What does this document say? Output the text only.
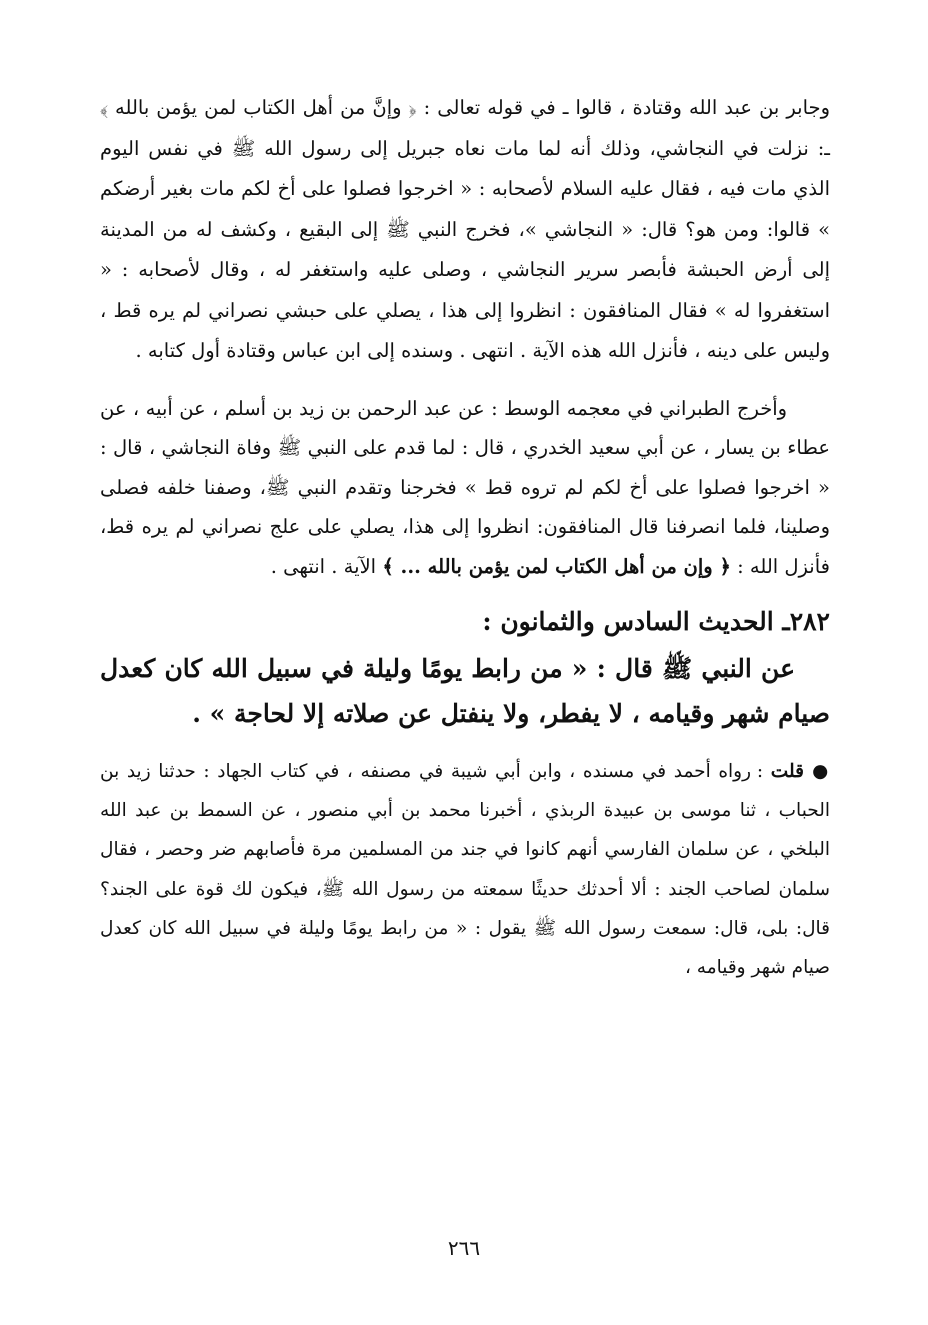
وجابر بن عبد الله وقتادة ، قالوا ـ في قوله تعالى : ﴿ وإنَّ من أهل الكتاب لمن يؤمن بالله ﴾ ـ: نزلت في النجاشي، وذلك أنه لما مات نعاه جبريل إلى رسول الله ﷺ في نفس اليوم الذي مات فيه ، فقال عليه السلام لأصحابه : « اخرجوا فصلوا على أخ لكم مات بغير أرضكم » قالوا: ومن هو؟ قال: « النجاشي »، فخرج النبي ﷺ إلى البقيع ، وكشف له من المدينة إلى أرض الحبشة فأبصر سرير النجاشي ، وصلى عليه واستغفر له ، وقال لأصحابه : « استغفروا له » فقال المنافقون : انظروا إلى هذا ، يصلي على حبشي نصراني لم يره قط ، وليس على دينه ، فأنزل الله هذه الآية . انتهى . وسنده إلى ابن عباس وقتادة أول كتابه .

وأخرج الطبراني في معجمه الوسط : عن عبد الرحمن بن زيد بن أسلم ، عن أبيه ، عن عطاء بن يسار ، عن أبي سعيد الخدري ، قال : لما قدم على النبي ﷺ وفاة النجاشي ، قال : « اخرجوا فصلوا على أخ لكم لم تروه قط » فخرجنا وتقدم النبي ﷺ، وصفنا خلفه فصلى وصلينا، فلما انصرفنا قال المنافقون: انظروا إلى هذا، يصلي على علج نصراني لم يره قط، فأنزل الله : ﴿ وإن من أهل الكتاب لمن يؤمن بالله ... ﴾ الآية . انتهى .

٢٨٢ـ الحديث السادس والثمانون :

عن النبي ﷺ قال : « من رابط يومًا وليلة في سبيل الله كان كعدل صيام شهر وقيامه ، لا يفطر، ولا ينفتل عن صلاته إلا لحاجة » .

● قلت : رواه أحمد في مسنده ، وابن أبي شيبة في مصنفه ، في كتاب الجهاد : حدثنا زيد بن الحباب ، ثنا موسى بن عبيدة الربذي ، أخبرنا محمد بن أبي منصور ، عن السمط بن عبد الله البلخي ، عن سلمان الفارسي أنهم كانوا في جند من المسلمين مرة فأصابهم ضر وحصر ، فقال سلمان لصاحب الجند : ألا أحدثك حديثًا سمعته من رسول الله ﷺ، فيكون لك قوة على الجند؟ قال: بلى، قال: سمعت رسول الله ﷺ يقول : « من رابط يومًا وليلة في سبيل الله كان كعدل صيام شهر وقيامه ،

٢٦٦
